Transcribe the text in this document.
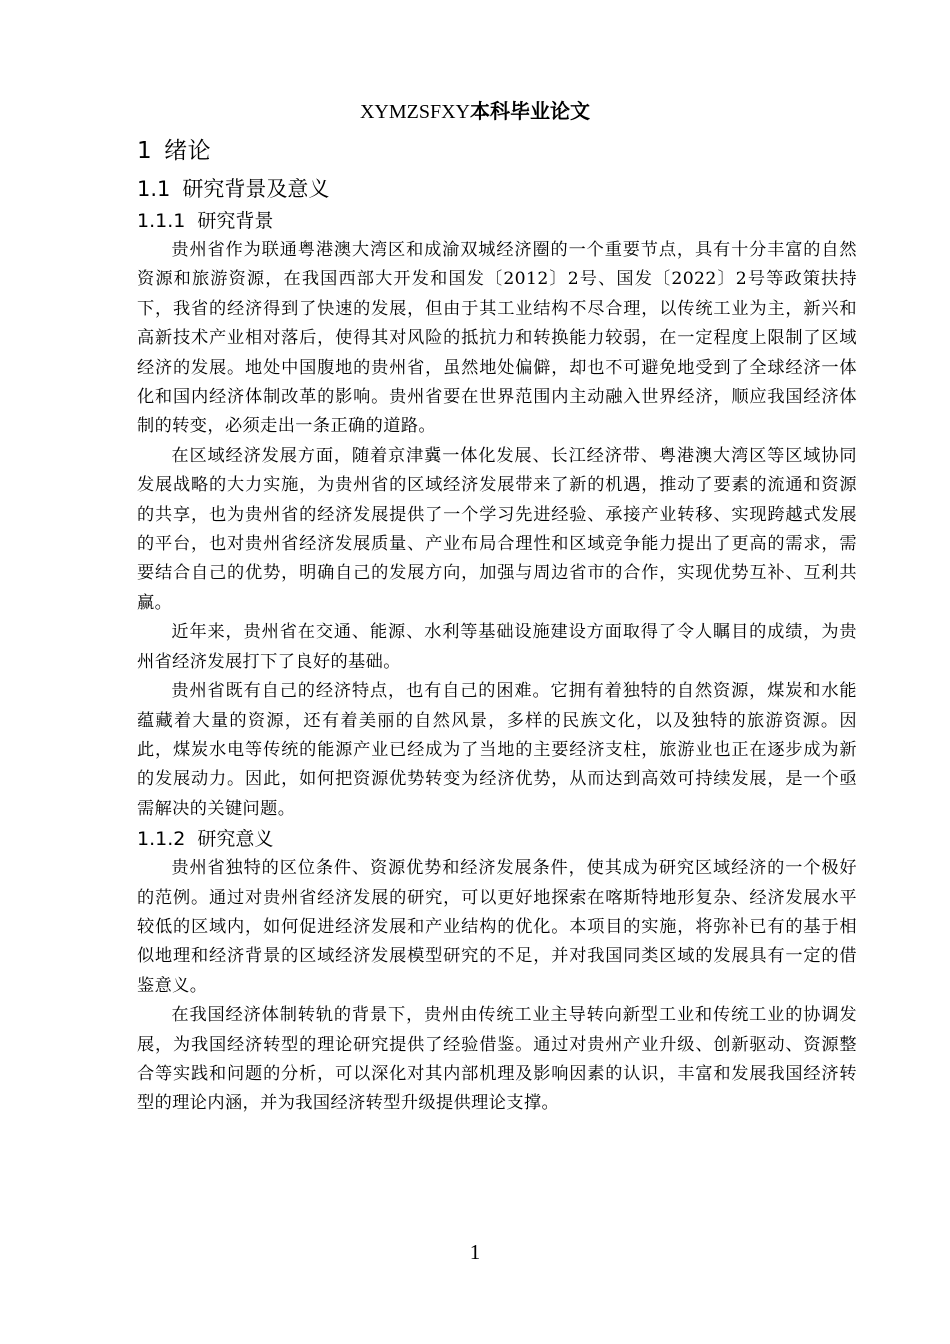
XYMZSFXY本科毕业论文
1 绪论
1.1 研究背景及意义
1.1.1 研究背景

贵州省作为联通粤港澳大湾区和成渝双城经济圈的一个重要节点，具有十分丰富的自然资源和旅游资源，在我国西部大开发和国发〔2012〕2号、国发〔2022〕2号等政策扶持下，我省的经济得到了快速的发展，但由于其工业结构不尽合理，以传统工业为主，新兴和高新技术产业相对落后，使得其对风险的抵抗力和转换能力较弱，在一定程度上限制了区域经济的发展。地处中国腹地的贵州省，虽然地处偏僻，却也不可避免地受到了全球经济一体化和国内经济体制改革的影响。贵州省要在世界范围内主动融入世界经济，顺应我国经济体制的转变，必须走出一条正确的道路。

在区域经济发展方面，随着京津冀一体化发展、长江经济带、粤港澳大湾区等区域协同发展战略的大力实施，为贵州省的区域经济发展带来了新的机遇，推动了要素的流通和资源的共享，也为贵州省的经济发展提供了一个学习先进经验、承接产业转移、实现跨越式发展的平台，也对贵州省经济发展质量、产业布局合理性和区域竞争能力提出了更高的需求，需要结合自己的优势，明确自己的发展方向，加强与周边省市的合作，实现优势互补、互利共赢。

近年来，贵州省在交通、能源、水利等基础设施建设方面取得了令人瞩目的成绩，为贵州省经济发展打下了良好的基础。

贵州省既有自己的经济特点，也有自己的困难。它拥有着独特的自然资源，煤炭和水能蕴藏着大量的资源，还有着美丽的自然风景，多样的民族文化，以及独特的旅游资源。因此，煤炭水电等传统的能源产业已经成为了当地的主要经济支柱，旅游业也正在逐步成为新的发展动力。因此，如何把资源优势转变为经济优势，从而达到高效可持续发展，是一个亟需解决的关键问题。

1.1.2 研究意义

贵州省独特的区位条件、资源优势和经济发展条件，使其成为研究区域经济的一个极好的范例。通过对贵州省经济发展的研究，可以更好地探索在喀斯特地形复杂、经济发展水平较低的区域内，如何促进经济发展和产业结构的优化。本项目的实施，将弥补已有的基于相似地理和经济背景的区域经济发展模型研究的不足，并对我国同类区域的发展具有一定的借鉴意义。

在我国经济体制转轨的背景下，贵州由传统工业主导转向新型工业和传统工业的协调发展，为我国经济转型的理论研究提供了经验借鉴。通过对贵州产业升级、创新驱动、资源整合等实践和问题的分析，可以深化对其内部机理及影响因素的认识，丰富和发展我国经济转型的理论内涵，并为我国经济转型升级提供理论支撑。

1
